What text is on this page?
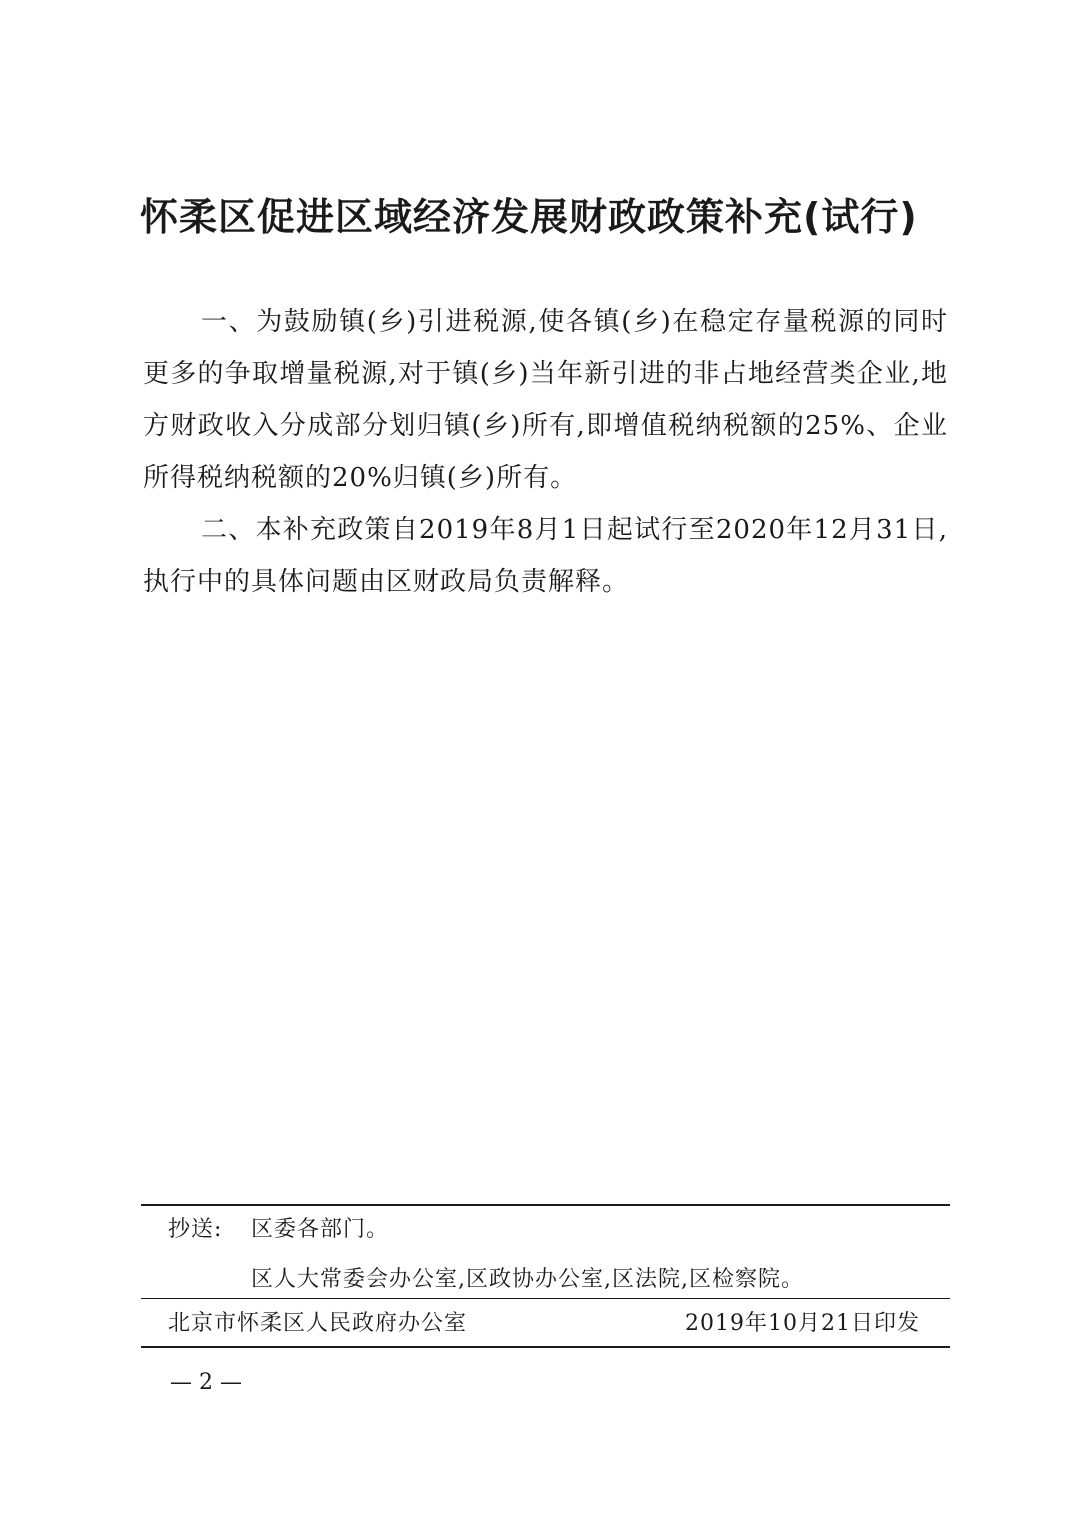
怀柔区促进区域经济发展财政政策补充(试行)

一、为鼓励镇(乡)引进税源,使各镇(乡)在稳定存量税源的同时更多的争取增量税源,对于镇(乡)当年新引进的非占地经营类企业,地方财政收入分成部分划归镇(乡)所有,即增值税纳税额的25%、企业所得税纳税额的20%归镇(乡)所有。

二、本补充政策自2019年8月1日起试行至2020年12月31日,执行中的具体问题由区财政局负责解释。

抄送: 区委各部门。
区人大常委会办公室,区政协办公室,区法院,区检察院。
北京市怀柔区人民政府办公室	2019年10月21日印发
— 2 —
